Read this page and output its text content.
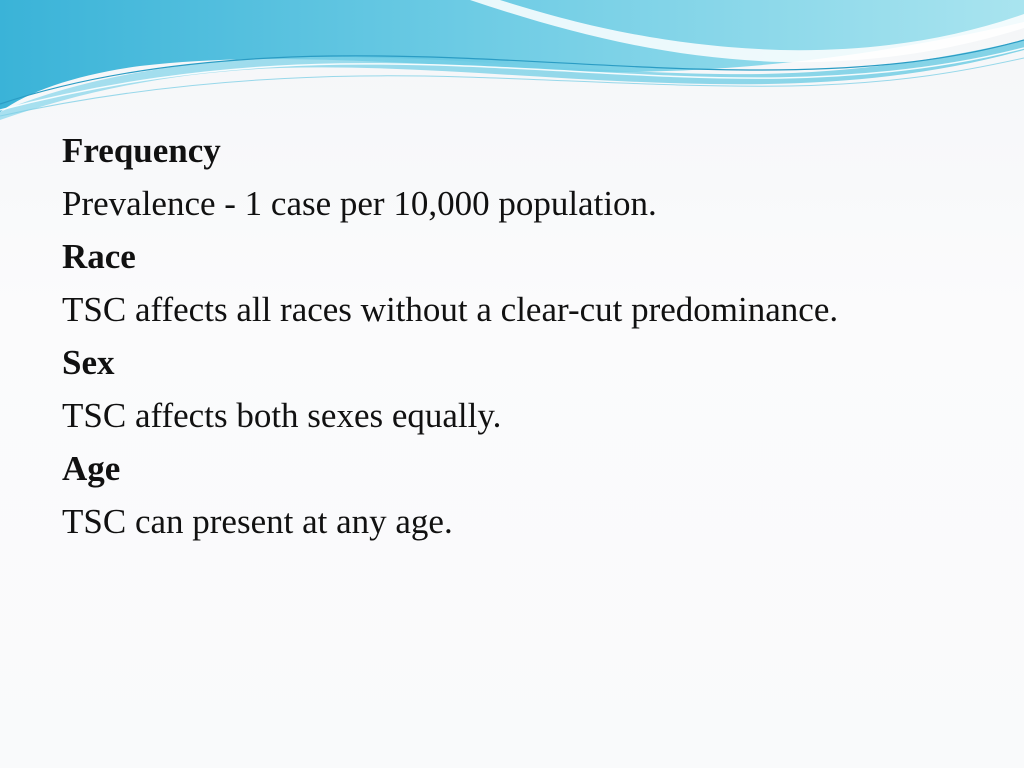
Frequency
Prevalence - 1 case per 10,000 population.
Race
TSC affects all races without a clear-cut predominance.
Sex
TSC affects both sexes equally.
Age
TSC can present at any age.
